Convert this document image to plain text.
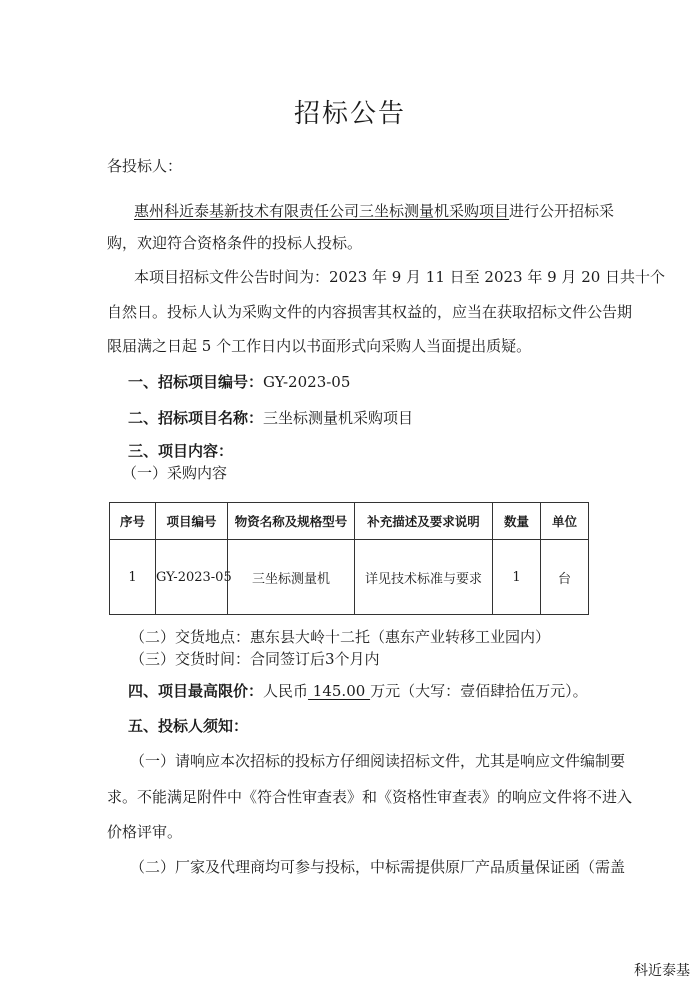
招标公告
各投标人：
惠州科近泰基新技术有限责任公司三坐标测量机采购项目进行公开招标采
购，欢迎符合资格条件的投标人投标。
本项目招标文件公告时间为：2023 年 9 月 11 日至 2023 年 9 月 20 日共十个
自然日。投标人认为采购文件的内容损害其权益的，应当在获取招标文件公告期
限届满之日起 5 个工作日内以书面形式向采购人当面提出质疑。
一、招标项目编号：GY-2023-05
二、招标项目名称：三坐标测量机采购项目
三、项目内容：
（一）采购内容
序号	项目编号	物资名称及规格型号	补充描述及要求说明	数量	单位
1	GY-2023-05	三坐标测量机	详见技术标准与要求	1	台
（二）交货地点：惠东县大岭十二托（惠东产业转移工业园内）
（三）交货时间：合同签订后3个月内
四、项目最高限价：人民币 145.00 万元（大写：壹佰肆拾伍万元）。
五、投标人须知：
（一）请响应本次招标的投标方仔细阅读招标文件，尤其是响应文件编制要
求。不能满足附件中《符合性审查表》和《资格性审查表》的响应文件将不进入
价格评审。
（二）厂家及代理商均可参与投标，中标需提供原厂产品质量保证函（需盖
科近泰基
